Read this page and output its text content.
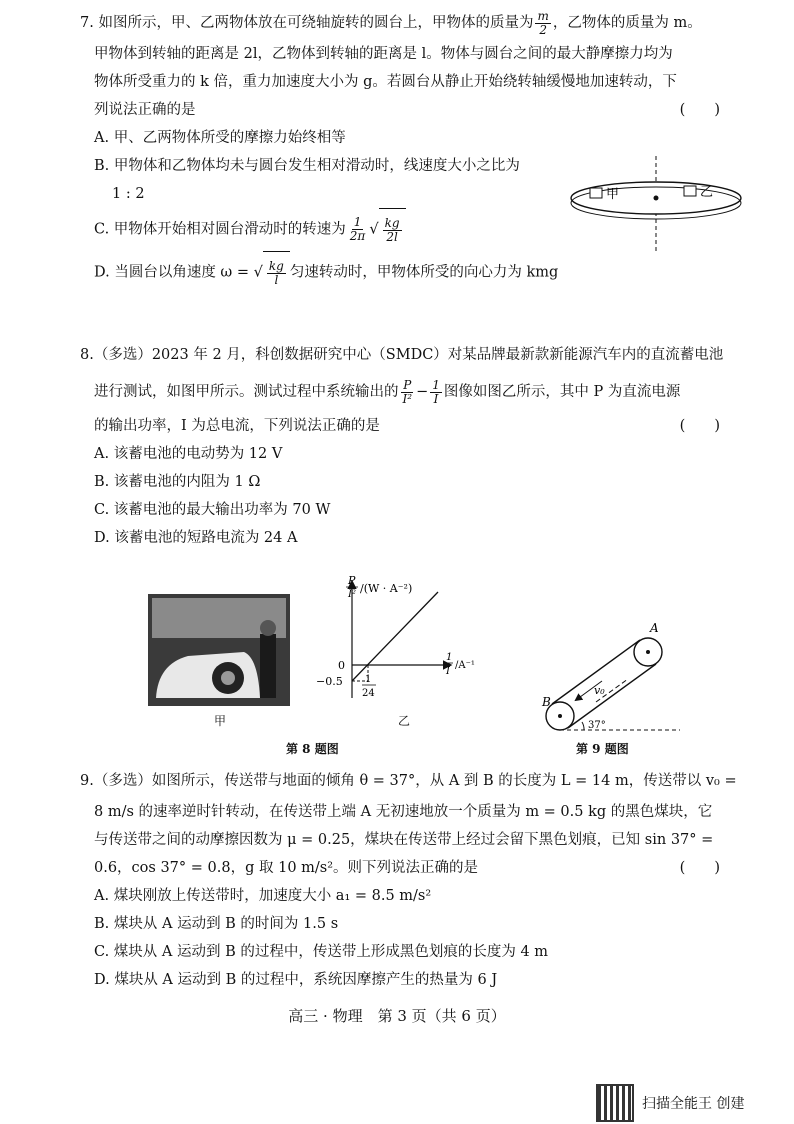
7. 如图所示，甲、乙两物体放在可绕轴旋转的圆台上，甲物体的质量为 $\frac{m}{2}$ ，乙物体的质量为 m。
甲物体到转轴的距离是 2l，乙物体到转轴的距离是 l。物体与圆台之间的最大静摩擦力均为
物体所受重力的 k 倍，重力加速度大小为 g。若圆台从静止开始绕转轴缓慢地加速转动，下
列说法正确的是	(　　)
A. 甲、乙两物体所受的摩擦力始终相等
B. 甲物体和乙物体均未与圆台发生相对滑动时，线速度大小之比为
1 : 2
C. 甲物体开始相对圆台滑动时的转速为 $\frac{1}{2\pi}$ √ $\frac{kg}{2l}$
D. 当圆台以角速度 ω = √ $\frac{kg}{l}$ 匀速转动时，甲物体所受的向心力为 kmg
甲	乙
8.（多选）2023 年 2 月，科创数据研究中心（SMDC）对某品牌最新款新能源汽车内的直流蓄电池
进行测试，如图甲所示。测试过程中系统输出的 $\frac{P}{\text{I²}} - \frac{1}{I}$ 图像如图乙所示，其中 P 为直流电源
的输出功率，I 为总电流，下列说法正确的是	(　　)
A. 该蓄电池的电动势为 12 V
B. 该蓄电池的内阻为 1 Ω
C. 该蓄电池的最大输出功率为 70 W
D. 该蓄电池的短路电流为 24 A
甲
P
I² /(W · A⁻²)
1
I
/A⁻¹
0
−0.5 1
24
乙
A
B
v₀
37°
第 8 题图	第 9 题图
9.（多选）如图所示，传送带与地面的倾角 θ = 37°，从 A 到 B 的长度为 L = 14 m，传送带以 v₀ =
8 m/s 的速率逆时针转动，在传送带上端 A 无初速地放一个质量为 m = 0.5 kg 的黑色煤块，它
与传送带之间的动摩擦因数为 μ = 0.25，煤块在传送带上经过会留下黑色划痕，已知 sin 37° =
0.6，cos 37° = 0.8，g 取 10 m/s²。则下列说法正确的是	(　　)
A. 煤块刚放上传送带时，加速度大小 a₁ = 8.5 m/s²
B. 煤块从 A 运动到 B 的时间为 1.5 s
C. 煤块从 A 运动到 B 的过程中，传送带上形成黑色划痕的长度为 4 m
D. 煤块从 A 运动到 B 的过程中，系统因摩擦产生的热量为 6 J
高三 · 物理　第 3 页（共 6 页）
扫描全能王 创建
